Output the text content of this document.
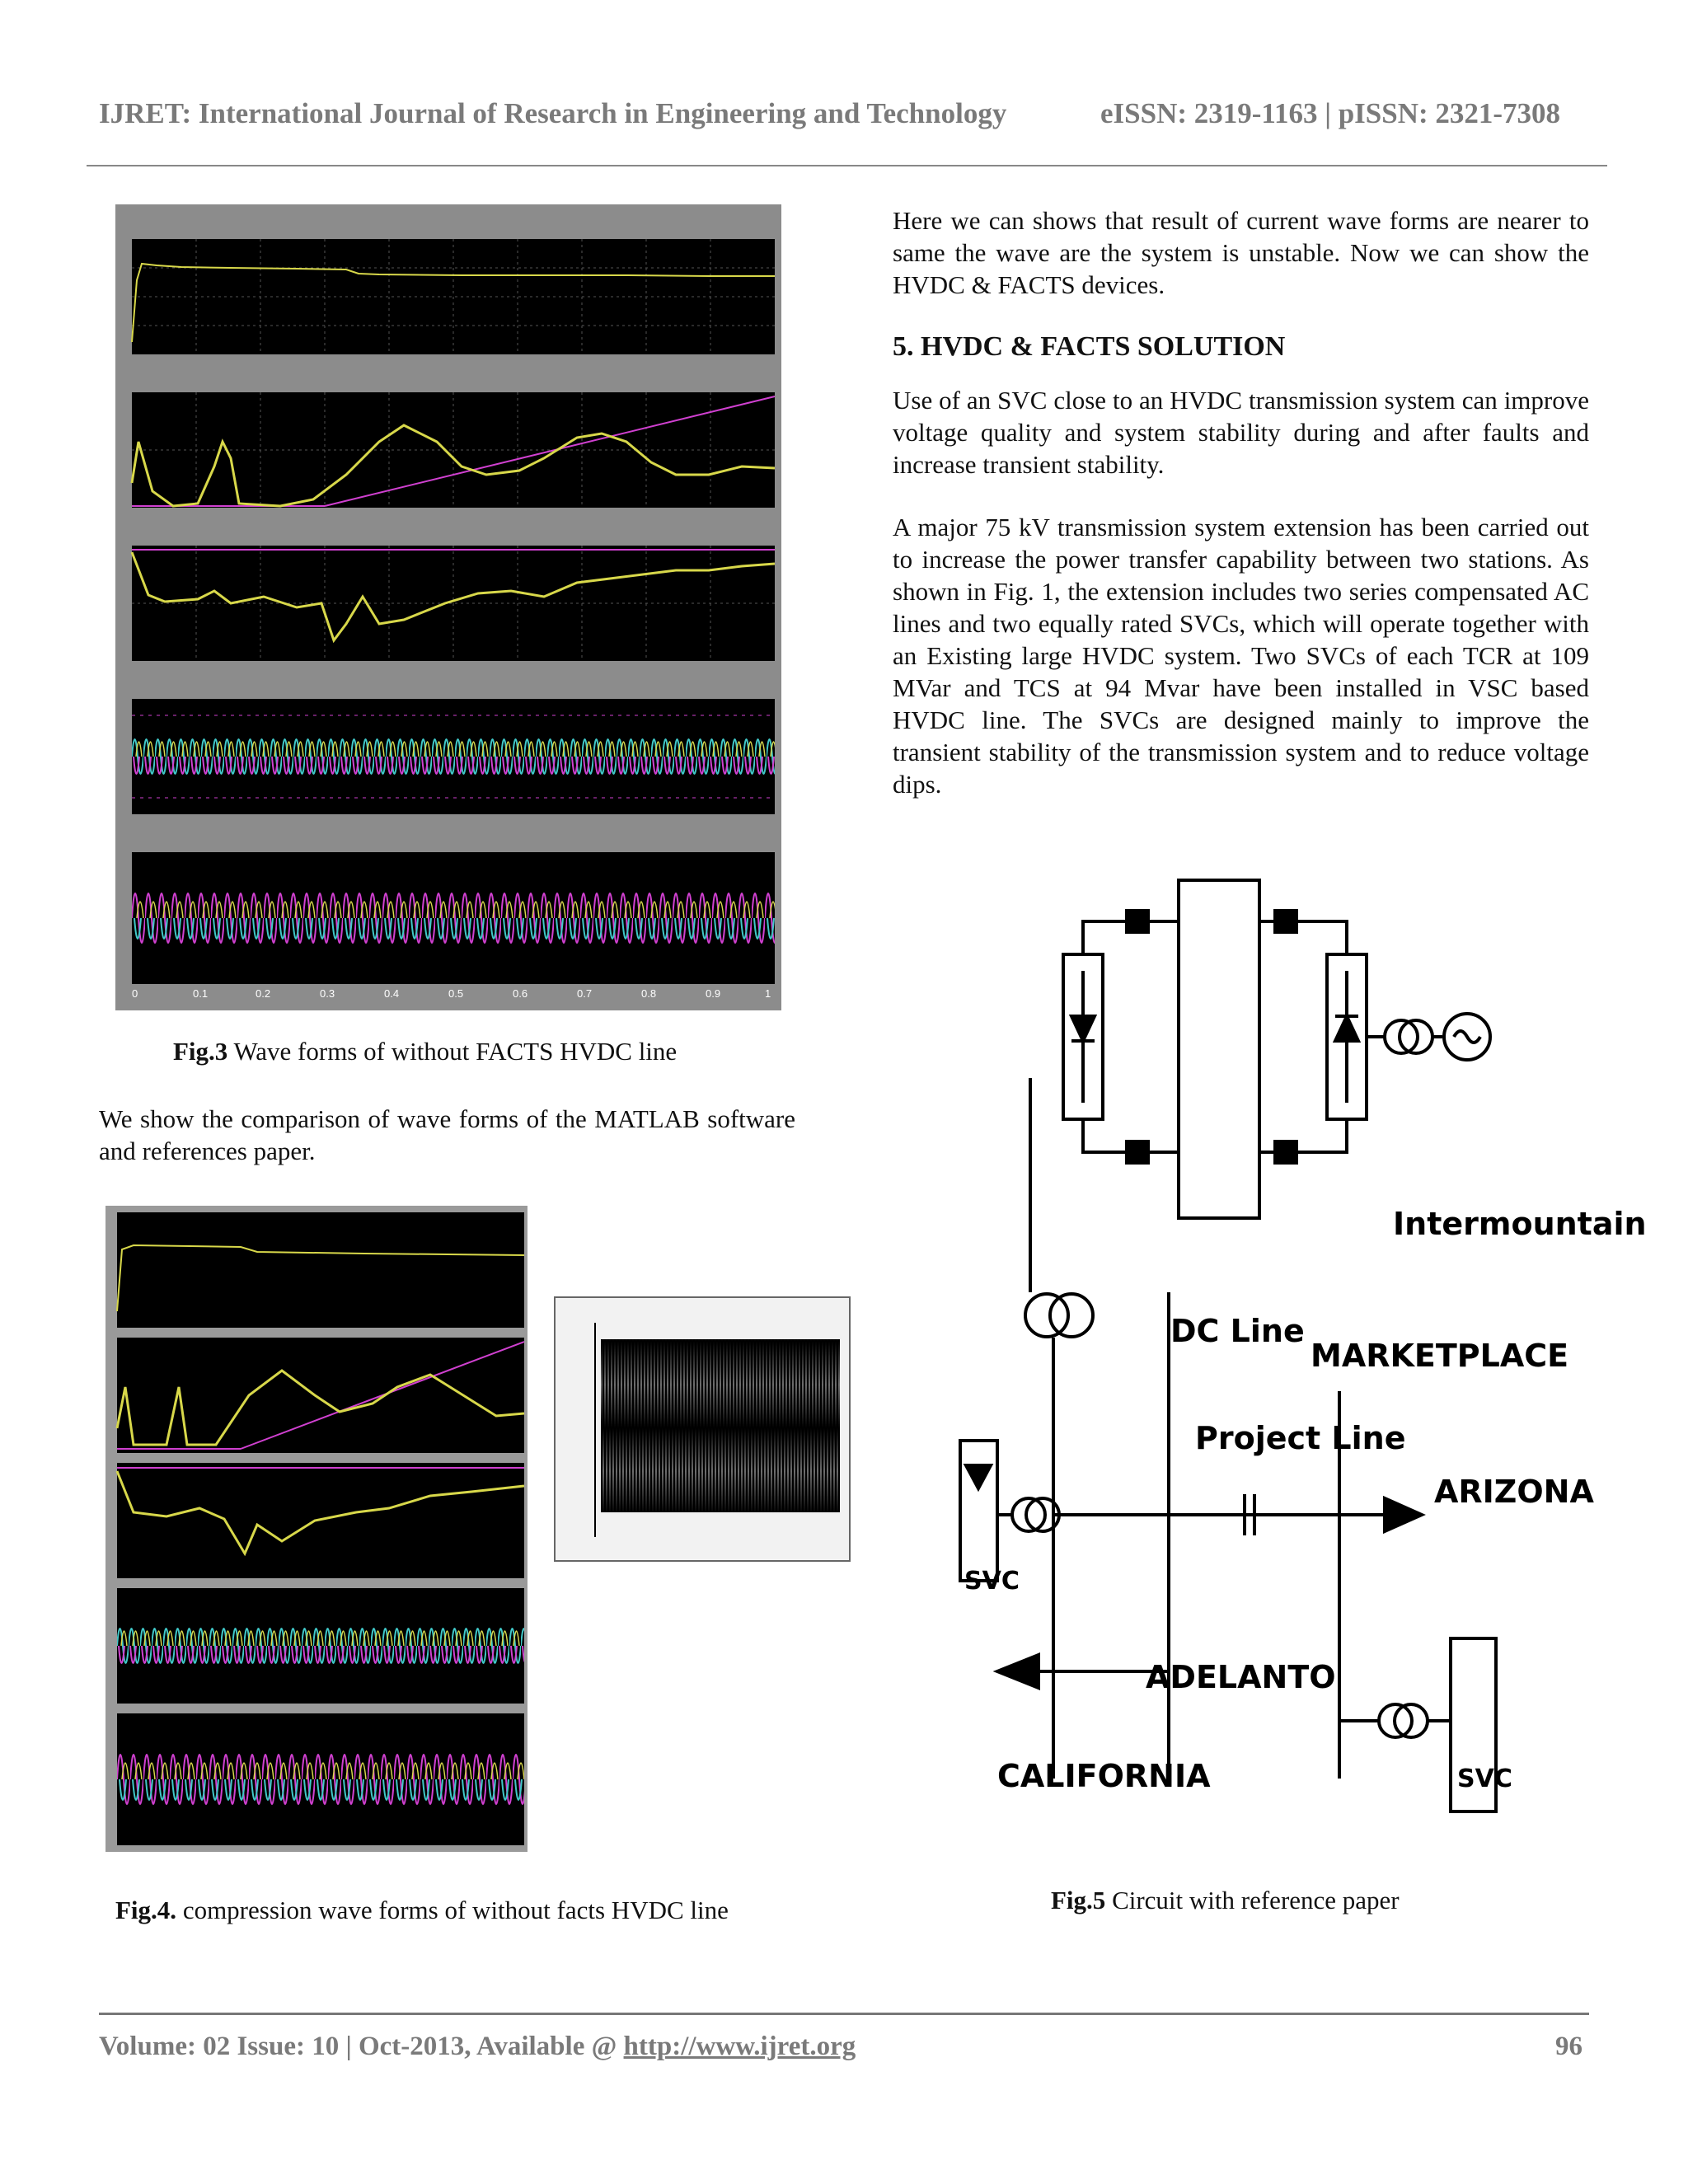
IJRET: International Journal of Research in Engineering and Technology	eISSN: 2319-1163 | pISSN: 2321-7308
0	0.1	0.2	0.3	0.4	0.5	0.6	0.7	0.8	0.9	1
Fig.3 Wave forms of without FACTS HVDC line
We show the comparison of wave forms of the MATLAB software and references paper.
Fig.4. compression wave forms of without facts HVDC line
Here we can shows that result of current wave forms are nearer to same the wave are the system is unstable. Now we can show the HVDC & FACTS devices.
5. HVDC & FACTS SOLUTION
Use of an SVC close to an HVDC transmission system can improve voltage quality and system stability during and after faults and increase transient stability.
A major 75 kV transmission system extension has been carried out to increase the power transfer capability between two stations. As shown in Fig. 1, the extension includes two series compensated AC lines and two equally rated SVCs, which will operate together with an Existing large HVDC system. Two SVCs of each TCR at 109 MVar and TCS at 94 Mvar have been installed in VSC based HVDC line. The SVCs are designed mainly to improve the transient stability of the transmission system and to reduce voltage dips.
Intermountain
DC Line
MARKETPLACE
Project Line
ARIZONA
SVC
SVC
ADELANTO
CALIFORNIA
Fig.5 Circuit with reference paper
Volume: 02 Issue: 10 | Oct-2013, Available @ http://www.ijret.org	96
